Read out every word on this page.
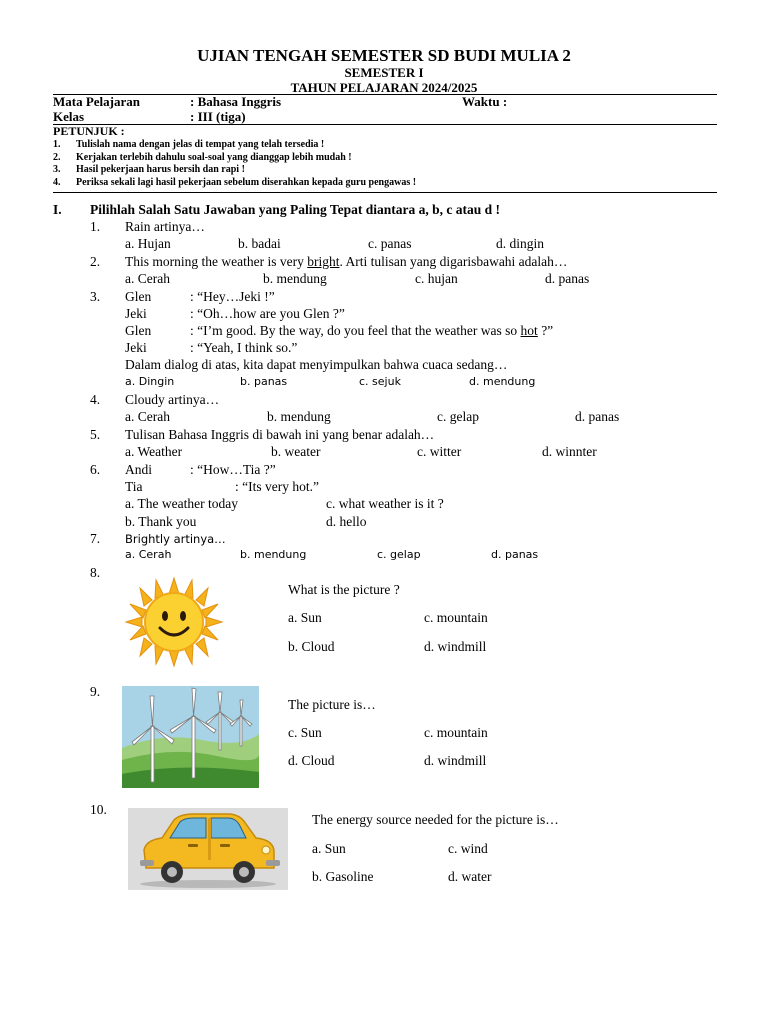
UJIAN TENGAH SEMESTER SD BUDI MULIA 2
SEMESTER I
TAHUN PELAJARAN 2024/2025
Mata Pelajaran	: Bahasa Inggris	Waktu :
Kelas	: III (tiga)
PETUNJUK :
1. Tulislah nama dengan jelas di tempat yang telah tersedia !
2. Kerjakan terlebih dahulu soal-soal yang dianggap lebih mudah !
3. Hasil pekerjaan harus bersih dan rapi !
4. Periksa sekali lagi hasil pekerjaan sebelum diserahkan kepada guru pengawas !
I. Pilihlah Salah Satu Jawaban yang Paling Tepat diantara a, b, c atau d !
1. Rain artinya…
a. Hujan	b. badai	c. panas	d. dingin
2. This morning the weather is very bright. Arti tulisan yang digarisbawahi adalah…
a. Cerah	b. mendung	c. hujan	d. panas
3. Glen	: “Hey…Jeki !”
Jeki	: “Oh…how are you Glen ?”
Glen	: “I’m good. By the way, do you feel that the weather was so hot ?”
Jeki	: “Yeah, I think so.”
Dalam dialog di atas, kita dapat menyimpulkan bahwa cuaca sedang…
a. Dingin	b. panas	c. sejuk	d. mendung
4. Cloudy artinya…
a. Cerah	b. mendung	c. gelap	d. panas
5. Tulisan Bahasa Inggris di bawah ini yang benar adalah…
a. Weather	b. weater	c. witter	d. winnter
6. Andi	: “How…Tia ?”
Tia	: “Its very hot.”
a. The weather today	c. what weather is it ?
b. Thank you	d. hello
7. Brightly artinya…
a. Cerah	b. mendung	c. gelap	d. panas
8.
What is the picture ?
a. Sun	c. mountain
b. Cloud	d. windmill
9.
The picture is…
c. Sun	c. mountain
d. Cloud	d. windmill
10.
The energy source needed for the picture is…
a. Sun	c. wind
b. Gasoline	d. water
